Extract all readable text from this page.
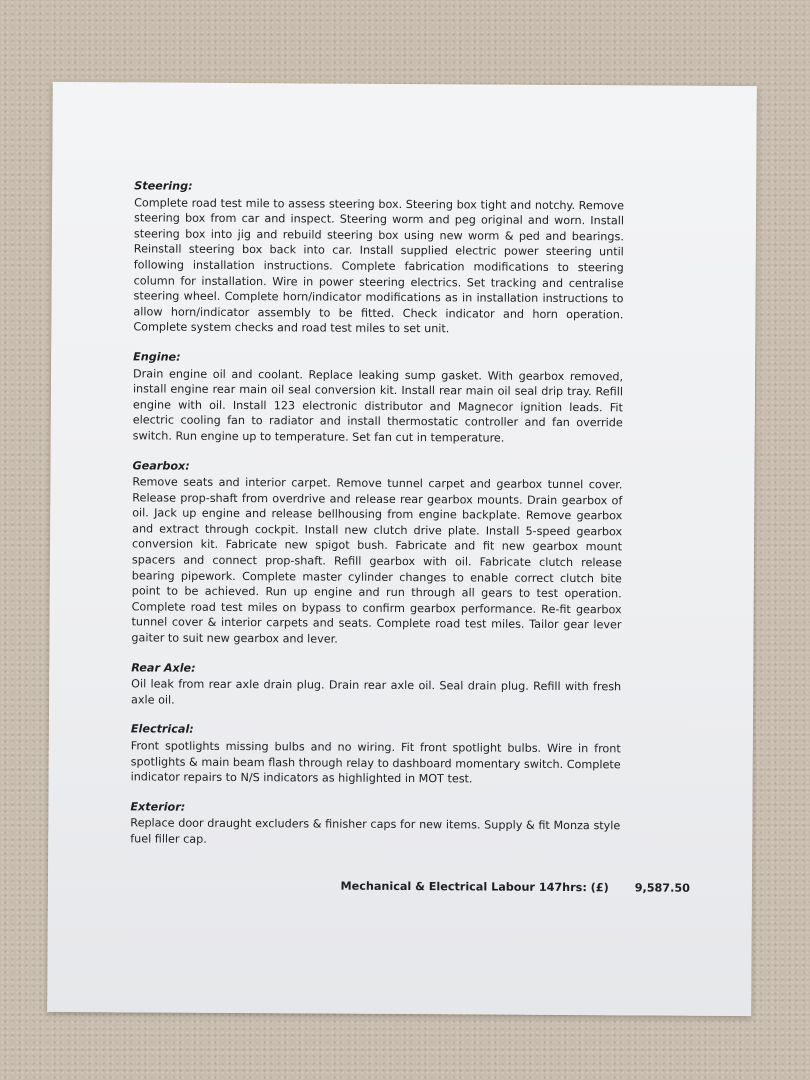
Steering:

Complete road test mile to assess steering box. Steering box tight and notchy. Remove steering box from car and inspect. Steering worm and peg original and worn. Install steering box into jig and rebuild steering box using new worm & ped and bearings. Reinstall steering box back into car. Install supplied electric power steering until following installation instructions. Complete fabrication modifications to steering column for installation. Wire in power steering electrics. Set tracking and centralise steering wheel. Complete horn/indicator modifications as in installation instructions to allow horn/indicator assembly to be fitted. Check indicator and horn operation. Complete system checks and road test miles to set unit.

Engine:

Drain engine oil and coolant. Replace leaking sump gasket. With gearbox removed, install engine rear main oil seal conversion kit. Install rear main oil seal drip tray. Refill engine with oil. Install 123 electronic distributor and Magnecor ignition leads. Fit electric cooling fan to radiator and install thermostatic controller and fan override switch. Run engine up to temperature. Set fan cut in temperature.

Gearbox:

Remove seats and interior carpet. Remove tunnel carpet and gearbox tunnel cover. Release prop-shaft from overdrive and release rear gearbox mounts. Drain gearbox of oil. Jack up engine and release bellhousing from engine backplate. Remove gearbox and extract through cockpit. Install new clutch drive plate. Install 5-speed gearbox conversion kit. Fabricate new spigot bush. Fabricate and fit new gearbox mount spacers and connect prop-shaft. Refill gearbox with oil. Fabricate clutch release bearing pipework. Complete master cylinder changes to enable correct clutch bite point to be achieved. Run up engine and run through all gears to test operation. Complete road test miles on bypass to confirm gearbox performance. Re-fit gearbox tunnel cover & interior carpets and seats. Complete road test miles. Tailor gear lever gaiter to suit new gearbox and lever.

Rear Axle:

Oil leak from rear axle drain plug. Drain rear axle oil. Seal drain plug. Refill with fresh axle oil.

Electrical:

Front spotlights missing bulbs and no wiring. Fit front spotlight bulbs. Wire in front spotlights & main beam flash through relay to dashboard momentary switch. Complete indicator repairs to N/S indicators as highlighted in MOT test.

Exterior:

Replace door draught excluders & finisher caps for new items. Supply & fit Monza style fuel filler cap.

Mechanical & Electrical Labour 147hrs: (£) 9,587.50
